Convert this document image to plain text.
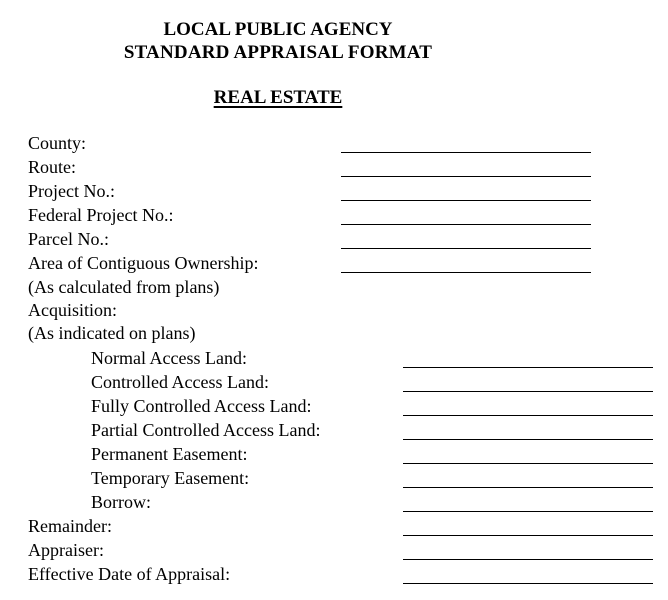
LOCAL PUBLIC AGENCY
STANDARD APPRAISAL FORMAT
REAL ESTATE
County:
Route:
Project No.:
Federal Project No.:
Parcel No.:
Area of Contiguous Ownership:
(As calculated from plans)
Acquisition:
(As indicated on plans)
Normal Access Land:
Controlled Access Land:
Fully Controlled Access Land:
Partial Controlled Access Land:
Permanent Easement:
Temporary Easement:
Borrow:
Remainder:
Appraiser:
Effective Date of Appraisal:
